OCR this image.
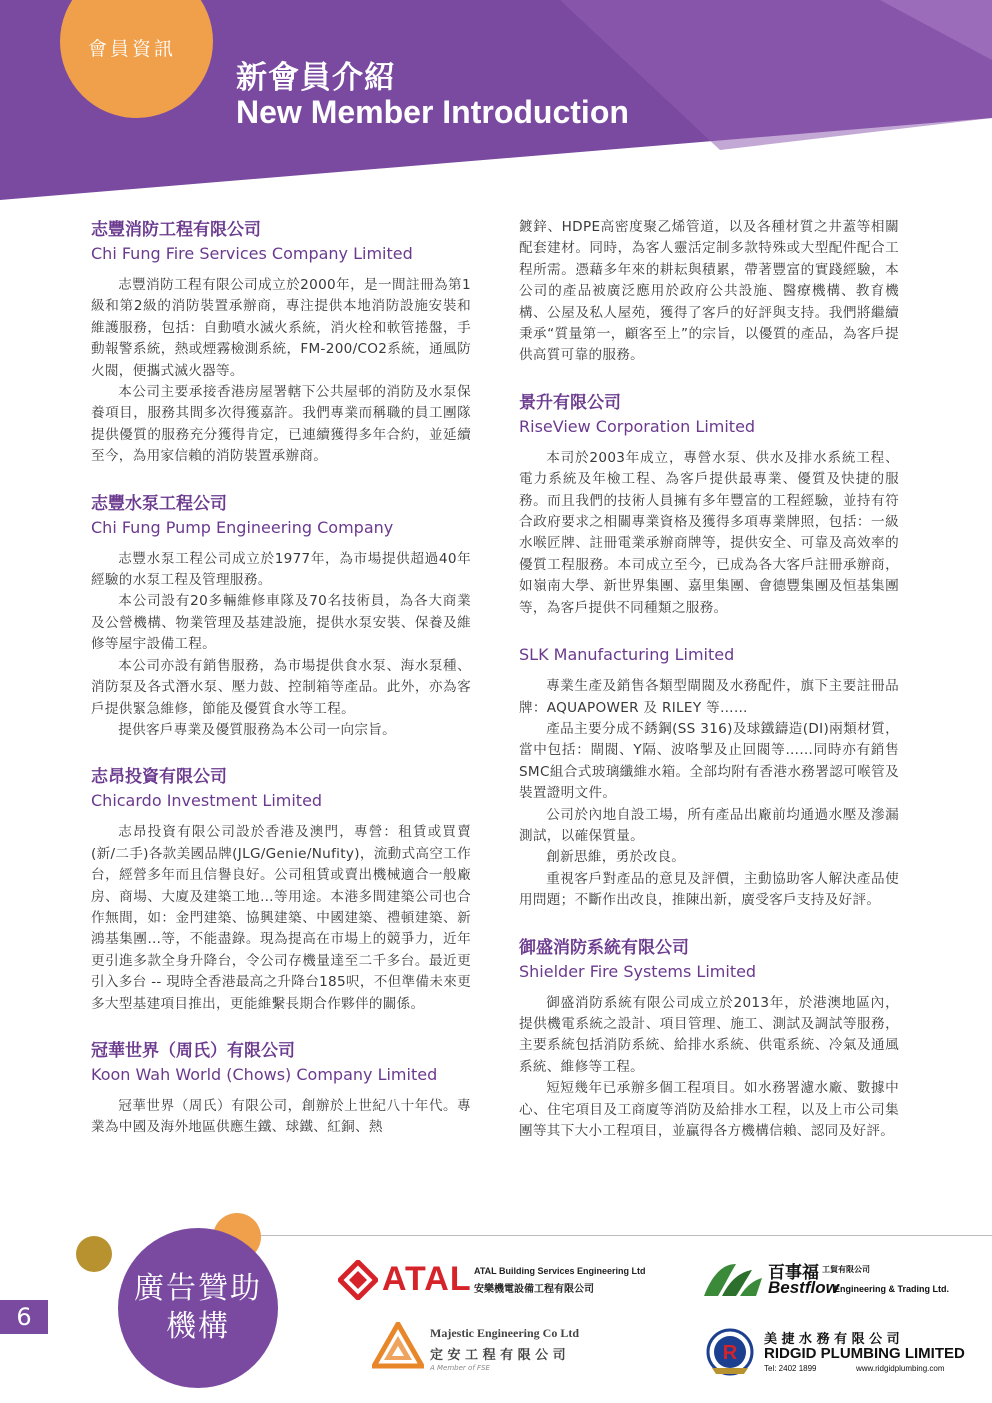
會員資訊
新會員介紹
New Member Introduction
志豐消防工程有限公司
Chi Fung Fire Services Company Limited

志豐消防工程有限公司成立於2000年，是一間註冊為第1級和第2級的消防裝置承辦商，專注提供本地消防設施安裝和維護服務，包括：自動噴水滅火系統，消火栓和軟管捲盤，手動報警系統，熱或煙霧檢測系統，FM-200/CO2系統，通風防火閥，便攜式滅火器等。

本公司主要承接香港房屋署轄下公共屋邨的消防及水泵保養項目，服務其間多次得獲嘉許。我們專業而稱職的員工團隊提供優質的服務充分獲得肯定，已連續獲得多年合約，並延續至今，為用家信賴的消防裝置承辦商。

志豐水泵工程公司
Chi Fung Pump Engineering Company

志豐水泵工程公司成立於1977年，為市場提供超過40年經驗的水泵工程及管理服務。

本公司設有20多輛維修車隊及70名技術員，為各大商業及公營機構、物業管理及基建設施，提供水泵安裝、保養及維修等屋宇設備工程。

本公司亦設有銷售服務，為市場提供食水泵、海水泵種、消防泵及各式潛水泵、壓力鼓、控制箱等產品。此外，亦為客戶提供緊急維修，節能及優質食水等工程。

提供客戶專業及優質服務為本公司一向宗旨。

志昂投資有限公司
Chicardo Investment Limited

志昂投資有限公司設於香港及澳門，專營：租賃或買賣(新/二手)各款美國品牌(JLG/Genie/Nufity)，流動式高空工作台，經營多年而且信譽良好。公司租賃或賣出機械適合一般廠房、商場、大廈及建築工地…等用途。本港多間建築公司也合作無間，如：金門建築、協興建築、中國建築、禮頓建築、新鴻基集團…等，不能盡錄。現為提高在市場上的競爭力，近年更引進多款全身升降台，令公司存機量達至二千多台。最近更引入多台 -- 現時全香港最高之升降台185呎，不但準備未來更多大型基建項目推出，更能維繫長期合作夥伴的關係。

冠華世界（周氏）有限公司
Koon Wah World (Chows) Company Limited

冠華世界（周氏）有限公司，創辦於上世紀八十年代。專業為中國及海外地區供應生鐵、球鐵、紅銅、熱

鍍鋅、HDPE高密度聚乙烯管道，以及各種材質之井蓋等相關配套建材。同時，為客人靈活定制多款特殊或大型配件配合工程所需。憑藉多年來的耕耘與積累，帶著豐富的實踐經驗，本公司的產品被廣泛應用於政府公共設施、醫療機構、教育機構、公屋及私人屋苑，獲得了客戶的好評與支持。我們將繼續秉承“質量第一，顧客至上”的宗旨，以優質的產品，為客戶提供高質可靠的服務。

景升有限公司
RiseView Corporation Limited

本司於2003年成立，專營水泵、供水及排水系統工程、電力系統及年檢工程、為客戶提供最專業、優質及快捷的服務。而且我們的技術人員擁有多年豐富的工程經驗，並持有符合政府要求之相關專業資格及獲得多項專業牌照，包括：一級水喉匠牌、註冊電業承辦商牌等，提供安全、可靠及高效率的優質工程服務。本司成立至今，已成為各大客戶註冊承辦商，如嶺南大學、新世界集團、嘉里集團、會德豐集團及恒基集團等，為客戶提供不同種類之服務。

SLK Manufacturing Limited

專業生產及銷售各類型閘閥及水務配件，旗下主要註冊品牌：AQUAPOWER 及 RILEY 等……

產品主要分成不銹鋼(SS 316)及球鐵鑄造(DI)兩類材質，當中包括：閘閥、Y隔、波咯掣及止回閥等……同時亦有銷售SMC組合式玻璃纖維水箱。全部均附有香港水務署認可喉管及裝置證明文件。

公司於內地自設工場，所有產品出廠前均通過水壓及滲漏測試，以確保質量。

創新思維，勇於改良。

重視客戶對產品的意見及評價，主動協助客人解決產品使用問題；不斷作出改良，推陳出新，廣受客戶支持及好評。

御盛消防系統有限公司
Shielder Fire Systems Limited

御盛消防系統有限公司成立於2013年，於港澳地區內，提供機電系統之設計、項目管理、施工、測試及調試等服務，主要系統包括消防系統、給排水系統、供電系統、冷氣及通風系統、維修等工程。

短短幾年已承辦多個工程項目。如水務署濾水廠、數據中心、住宅項目及工商廈等消防及給排水工程，以及上市公司集團等其下大小工程項目，並贏得各方機構信賴、認同及好評。

廣告贊助
機構
6
ATAL ATAL Building Services Engineering Ltd
安樂機電設備工程有限公司
百事福 工貿有限公司
Bestflow
Engineering & Trading Ltd.
Majestic Engineering Co Ltd
定 安 工 程 有 限 公 司
A Member of FSE
R
美 捷 水 務 有 限 公 司
RIDGID PLUMBING LIMITED
Tel: 2402 1899	www.ridgidplumbing.com
